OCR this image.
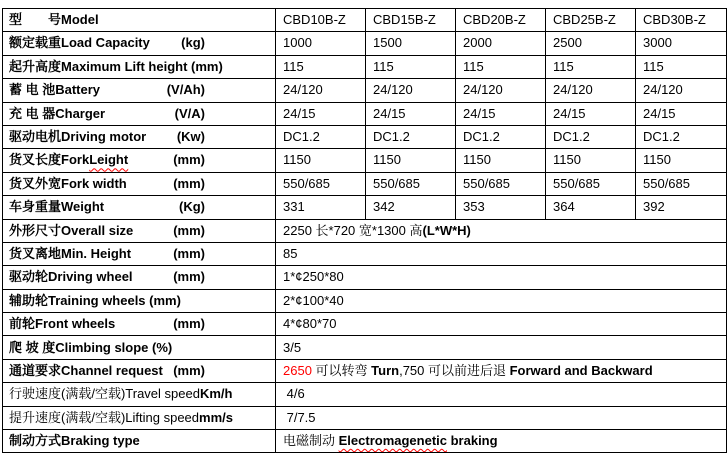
型　　号 Model	CBD10B-Z	CBD15B-Z	CBD20B-Z	CBD25B-Z	CBD30B-Z

额定载重 Load Capacity (kg)	1000	1500	2000	2500	3000

起升高度 Maximum Lift height (mm)	115	115	115	115	115

蓄 电 池 Battery (V/Ah)	24/120	24/120	24/120	24/120	24/120

充 电 器 Charger (V/A)	24/15	24/15	24/15	24/15	24/15

驱动电机 Driving motor (Kw)	DC1.2	DC1.2	DC1.2	DC1.2	DC1.2

货叉长度 Fork Leight (mm)	1150	1150	1150	1150	1150

货叉外宽 Fork width (mm)	550/685	550/685	550/685	550/685	550/685

车身重量 Weight (Kg)	331	342	353	364	392

外形尺寸 Overall size (mm)	2250 长*720 宽*1300 高(L*W*H)				

货叉离地 Min. Height (mm)	85				

驱动轮 Driving wheel (mm)	1*¢250*80				

辅助轮 Training wheels (mm)	2*¢100*40				

前轮 Front wheels (mm)	4*¢80*70				

爬 坡 度 Climbing slope (%)	3/5				

通道要求 Channel request (mm)	2650 可以转弯 Turn,750 可以前进后退 Forward and Backward				

行驶速度(满载/空载) Travel speed Km/h	4/6				

提升速度(满载/空载) Lifting speed mm/s	7/7.5				

制动方式 Braking type	电磁制动 Electromagenetic braking				
